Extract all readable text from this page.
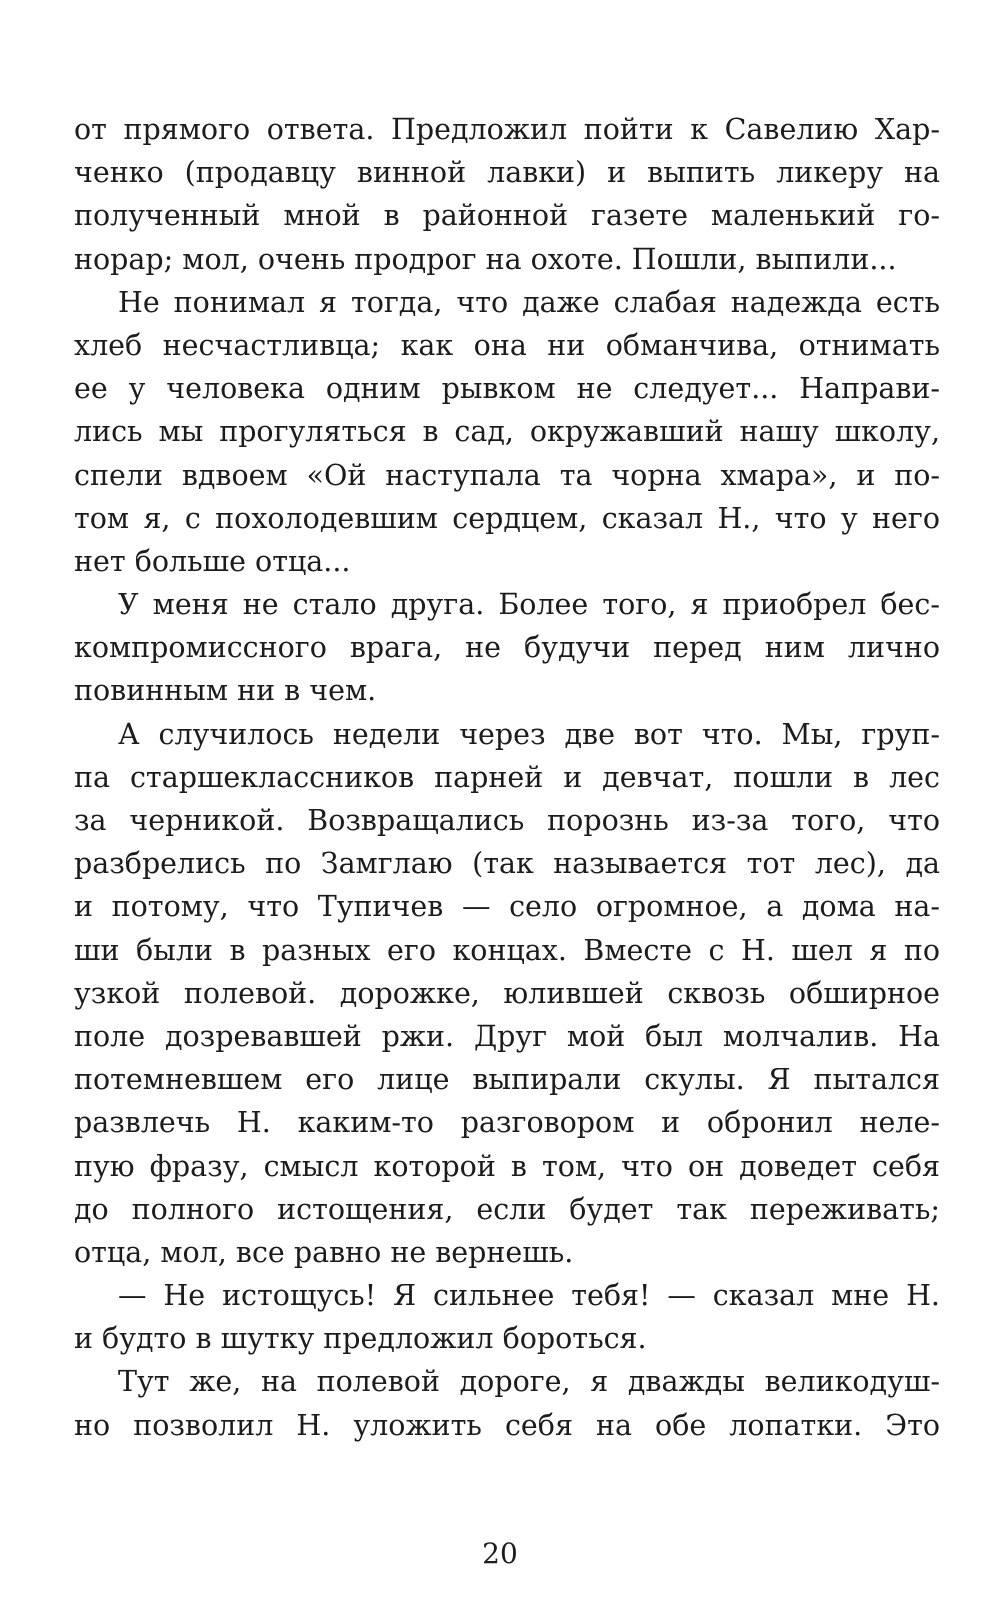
от прямого ответа. Предложил пойти к Савелию Хар-
ченко (продавцу винной лавки) и выпить ликеру на
полученный мной в районной газете маленький го-
норар; мол, очень продрог на охоте. Пошли, выпили...
Не понимал я тогда, что даже слабая надежда есть
хлеб несчастливца; как она ни обманчива, отнимать
ее у человека одним рывком не следует... Направи-
лись мы прогуляться в сад, окружавший нашу школу,
спели вдвоем «Ой наступала та чорна хмара», и по-
том я, с похолодевшим сердцем, сказал Н., что у него
нет больше отца...
У меня не стало друга. Более того, я приобрел бес-
компромиссного врага, не будучи перед ним лично
повинным ни в чем.
А случилось недели через две вот что. Мы, груп-
па старшеклассников парней и девчат, пошли в лес
за черникой. Возвращались порознь из-за того, что
разбрелись по Замглаю (так называется тот лес), да
и потому, что Тупичев — село огромное, а дома на-
ши были в разных его концах. Вместе с Н. шел я по
узкой полевой. дорожке, юлившей сквозь обширное
поле дозревавшей ржи. Друг мой был молчалив. На
потемневшем его лице выпирали скулы. Я пытался
развлечь Н. каким-то разговором и обронил неле-
пую фразу, смысл которой в том, что он доведет себя
до полного истощения, если будет так переживать;
отца, мол, все равно не вернешь.
— Не истощусь! Я сильнее тебя! — сказал мне Н.
и будто в шутку предложил бороться.
Тут же, на полевой дороге, я дважды великодуш-
но позволил Н. уложить себя на обе лопатки. Это
20
